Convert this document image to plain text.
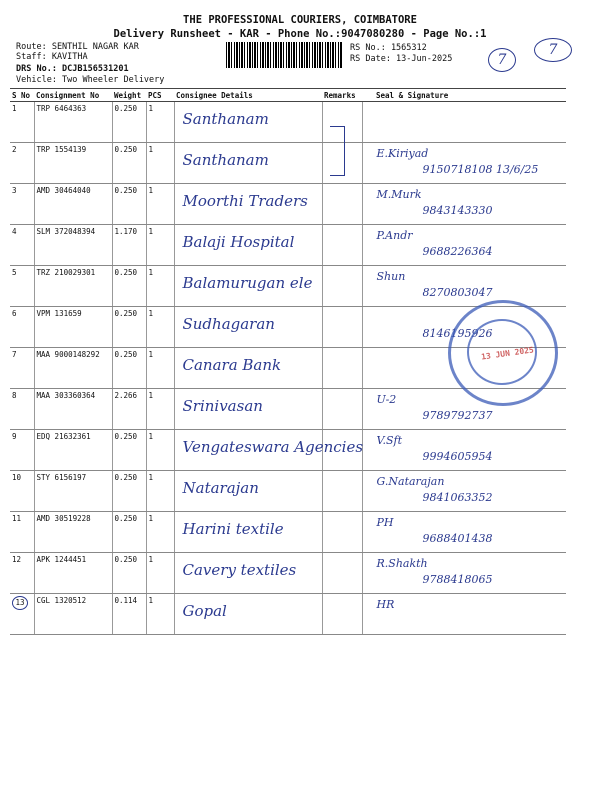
THE PROFESSIONAL COURIERS, COIMBATORE
Delivery Runsheet - KAR - Phone No.:9047080280 - Page No.:1
Route: SENTHIL NAGAR KAR
Staff: KAVITHA
DRS No.: DCJB156531201
Vehicle: Two Wheeler Delivery
RS No.: 1565312
RS Date: 13-Jun-2025	7
7
S No	Consignment No	Weight	PCS	Consignee Details	Remarks	Seal & Signature
1	TRP 6464363	0.250	1	Santhanam		

2	TRP 1554139	0.250	1	Santhanam		E.Kiriyad
9150718108 13/6/25

3	AMD 30464040	0.250	1	Moorthi Traders		M.Murk
9843143330

4	SLM 372048394	1.170	1	Balaji Hospital		P.Andr
9688226364

5	TRZ 210029301	0.250	1	Balamurugan ele		Shun
8270803047

6	VPM 131659	0.250	1	Sudhagaran		8146195926

7	MAA 9000148292	0.250	1	Canara Bank		

8	MAA 303360364	2.266	1	Srinivasan		U-2
9789792737

9	EDQ 21632361	0.250	1	Vengateswara Agencies		V.Sft
9994605954

10	STY 6156197	0.250	1	Natarajan		G.Natarajan
9841063352

11	AMD 30519228	0.250	1	Harini textile		PH
9688401438

12	APK 1244451	0.250	1	Cavery textiles		R.Shakth
9788418065

13	CGL 1320512	0.114	1	Gopal		HR
13 JUN 2025
